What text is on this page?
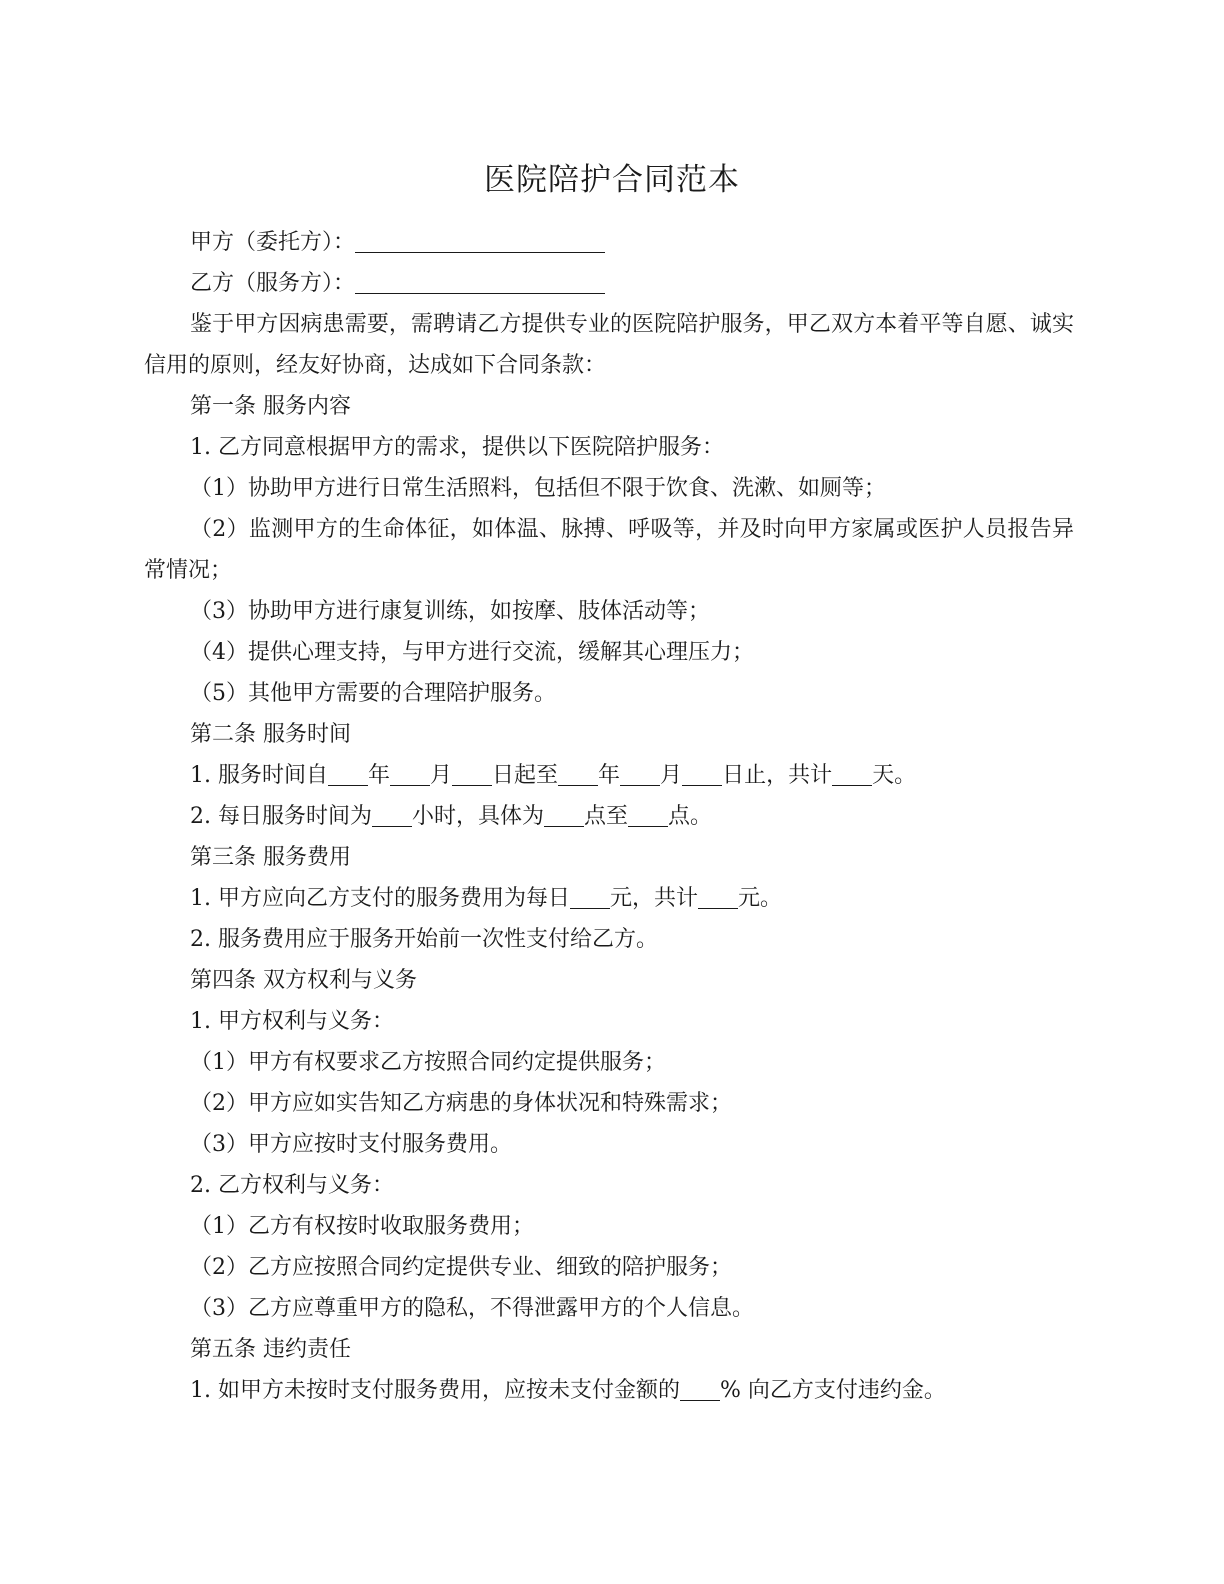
医院陪护合同范本

甲方（委托方）：

乙方（服务方）：

鉴于甲方因病患需要，需聘请乙方提供专业的医院陪护服务，甲乙双方本着平等自愿、诚实信用的原则，经友好协商，达成如下合同条款：

第一条 服务内容

1. 乙方同意根据甲方的需求，提供以下医院陪护服务：

（1）协助甲方进行日常生活照料，包括但不限于饮食、洗漱、如厕等；

（2）监测甲方的生命体征，如体温、脉搏、呼吸等，并及时向甲方家属或医护人员报告异常情况；

（3）协助甲方进行康复训练，如按摩、肢体活动等；

（4）提供心理支持，与甲方进行交流，缓解其心理压力；

（5）其他甲方需要的合理陪护服务。

第二条 服务时间

1. 服务时间自 年 月 日起至 年 月 日止，共计 天。

2. 每日服务时间为 小时，具体为 点至 点。

第三条 服务费用

1. 甲方应向乙方支付的服务费用为每日 元，共计 元。

2. 服务费用应于服务开始前一次性支付给乙方。

第四条 双方权利与义务

1. 甲方权利与义务：

（1）甲方有权要求乙方按照合同约定提供服务；

（2）甲方应如实告知乙方病患的身体状况和特殊需求；

（3）甲方应按时支付服务费用。

2. 乙方权利与义务：

（1）乙方有权按时收取服务费用；

（2）乙方应按照合同约定提供专业、细致的陪护服务；

（3）乙方应尊重甲方的隐私，不得泄露甲方的个人信息。

第五条 违约责任

1. 如甲方未按时支付服务费用，应按未支付金额的 % 向乙方支付违约金。
